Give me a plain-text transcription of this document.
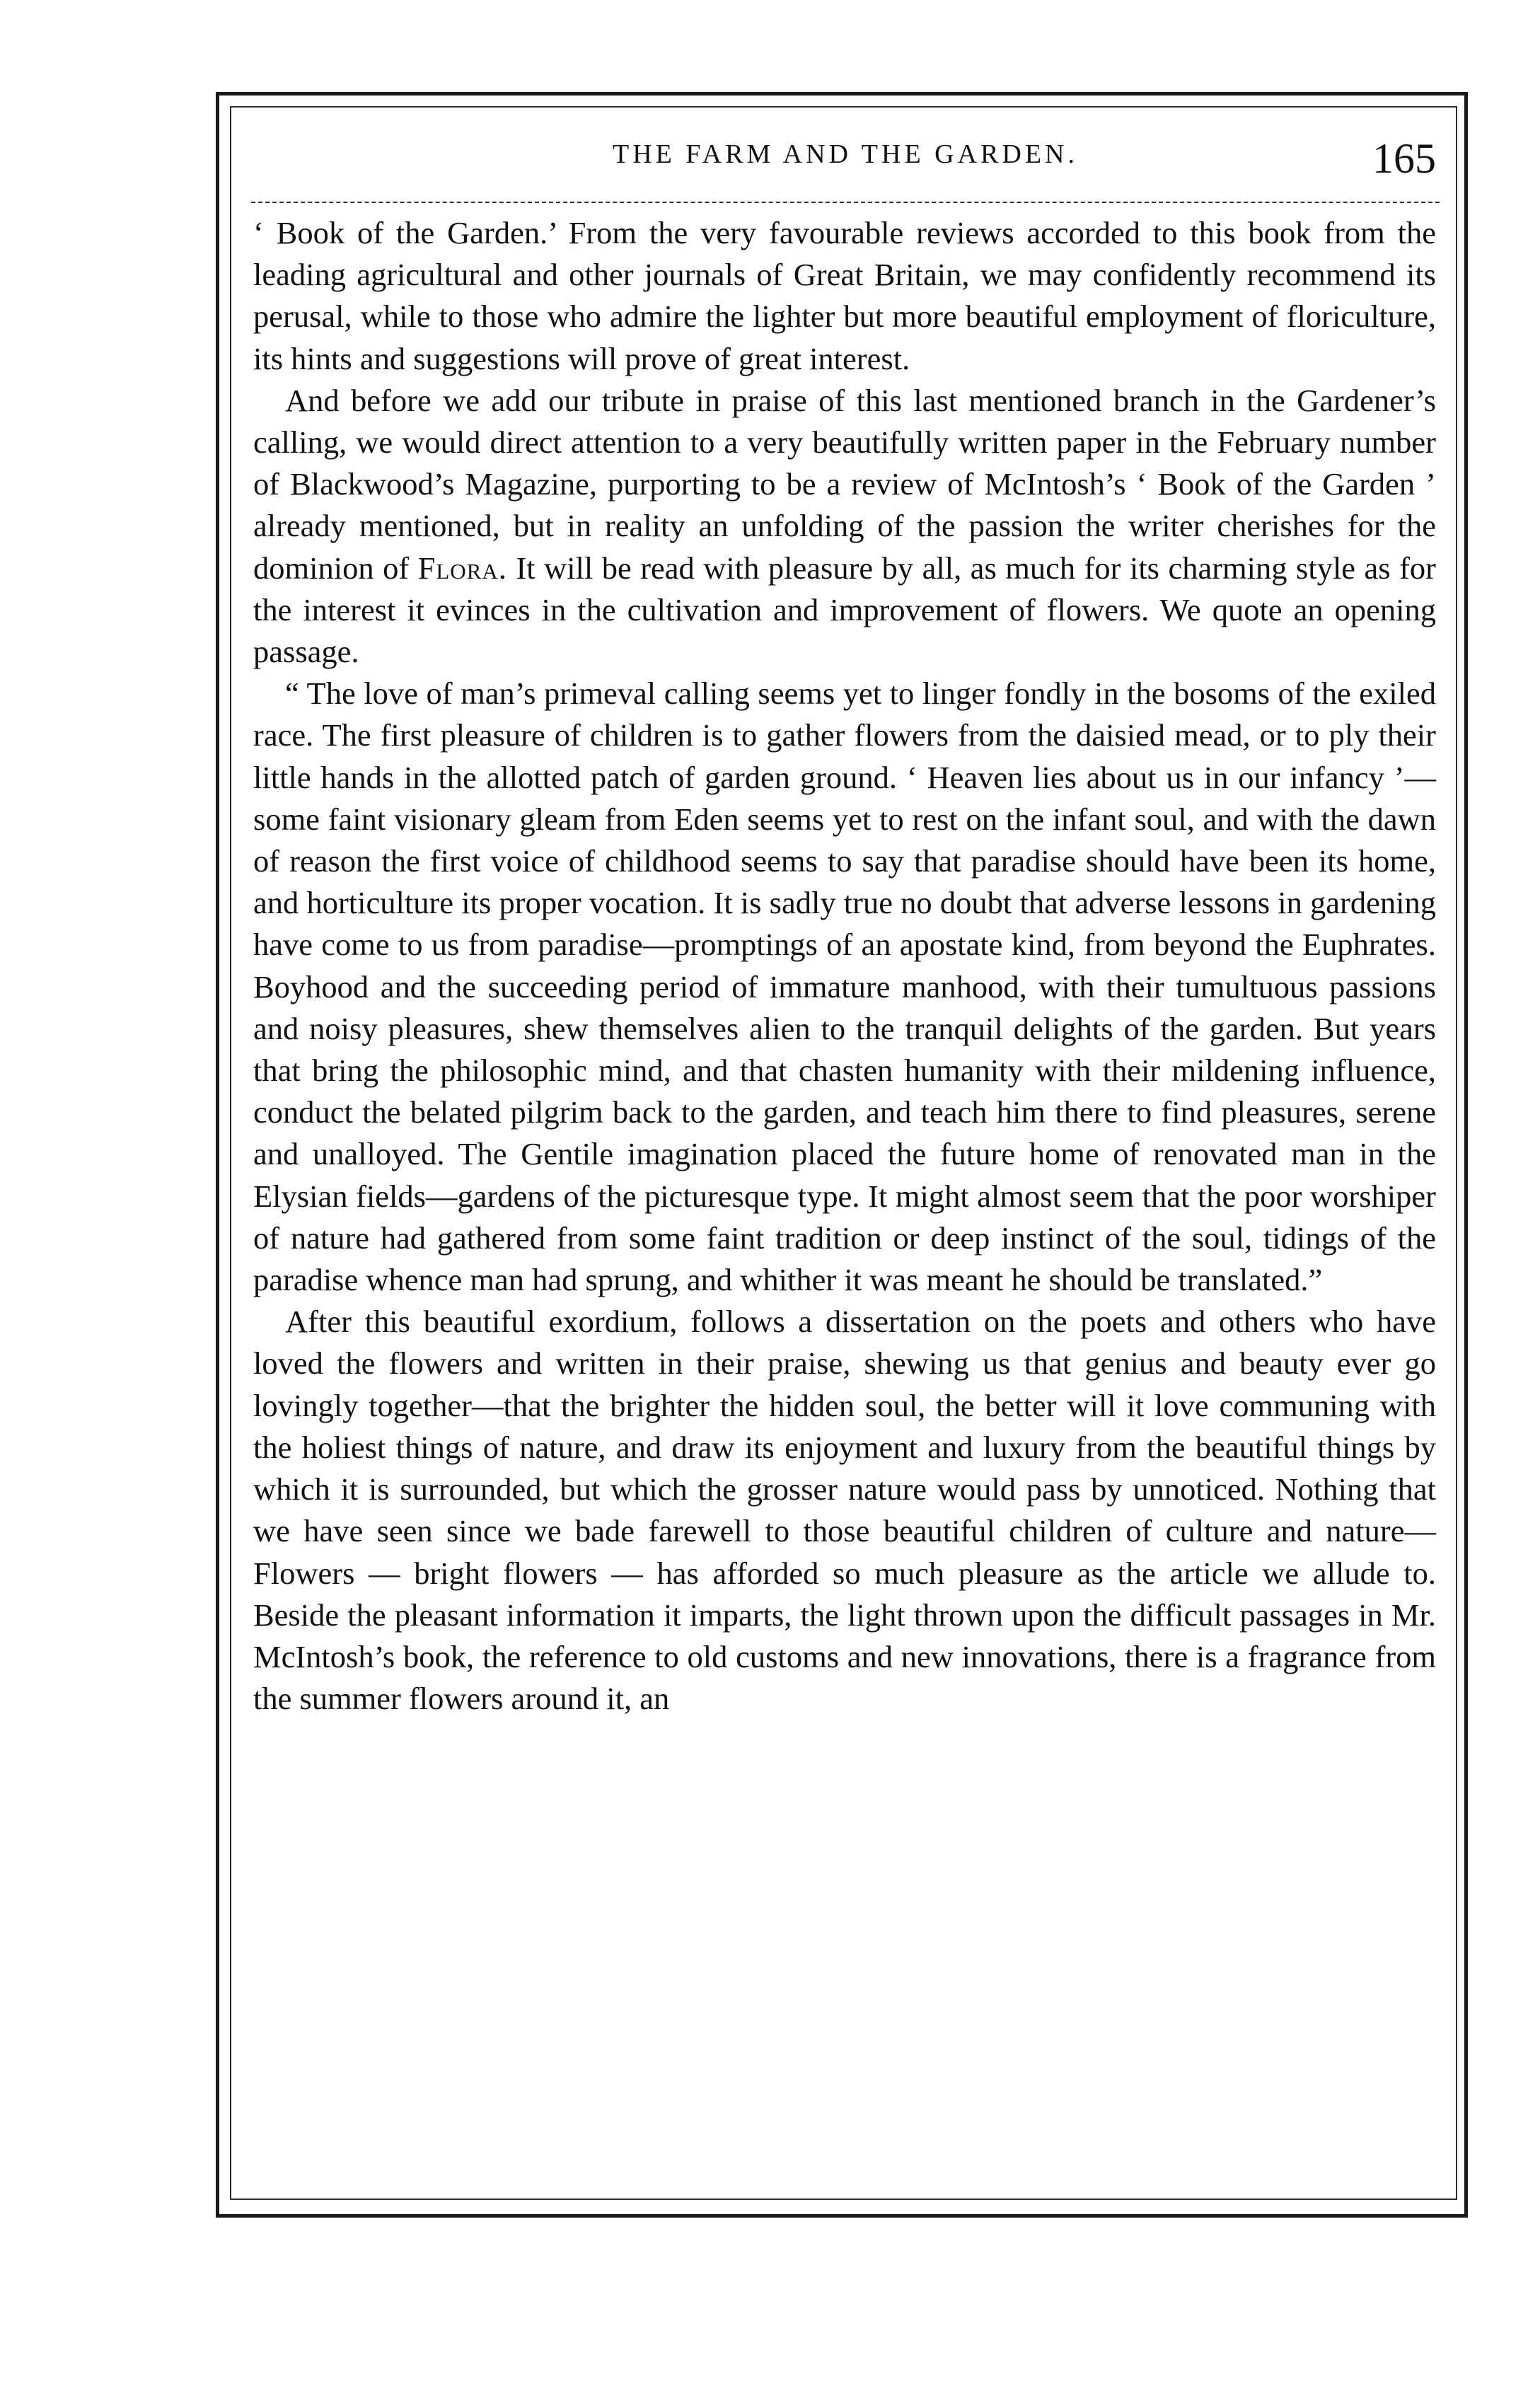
THE FARM AND THE GARDEN.	165

‘ Book of the Garden.’ From the very favourable reviews accorded to this book from the leading agricultural and other journals of Great Britain, we may confidently recommend its perusal, while to those who admire the lighter but more beautiful employment of floriculture, its hints and suggestions will prove of great interest.

And before we add our tribute in praise of this last mentioned branch in the Gardener’s calling, we would direct attention to a very beautifully written paper in the February number of Blackwood’s Magazine, purporting to be a review of McIntosh’s ‘ Book of the Garden ’ already mentioned, but in reality an unfolding of the passion the writer cherishes for the dominion of Flora. It will be read with pleasure by all, as much for its charming style as for the interest it evinces in the cultivation and improvement of flowers. We quote an opening passage.

“ The love of man’s primeval calling seems yet to linger fondly in the bosoms of the exiled race. The first pleasure of children is to gather flowers from the daisied mead, or to ply their little hands in the allotted patch of garden ground. ‘ Heaven lies about us in our infancy ’—some faint visionary gleam from Eden seems yet to rest on the infant soul, and with the dawn of reason the first voice of childhood seems to say that paradise should have been its home, and horticulture its proper vocation. It is sadly true no doubt that adverse lessons in gardening have come to us from paradise—promptings of an apostate kind, from beyond the Euphrates. Boyhood and the succeeding period of immature manhood, with their tumultuous passions and noisy pleasures, shew themselves alien to the tranquil delights of the garden. But years that bring the philosophic mind, and that chasten humanity with their mildening influence, conduct the belated pilgrim back to the garden, and teach him there to find pleasures, serene and unalloyed. The Gentile imagination placed the future home of renovated man in the Elysian fields—gardens of the picturesque type. It might almost seem that the poor worshiper of nature had gathered from some faint tradition or deep instinct of the soul, tidings of the paradise whence man had sprung, and whither it was meant he should be translated.”

After this beautiful exordium, follows a dissertation on the poets and others who have loved the flowers and written in their praise, shewing us that genius and beauty ever go lovingly together—that the brighter the hidden soul, the better will it love communing with the holiest things of nature, and draw its enjoyment and luxury from the beautiful things by which it is surrounded, but which the grosser nature would pass by unnoticed. Nothing that we have seen since we bade farewell to those beautiful children of culture and nature—Flowers — bright flowers — has afforded so much pleasure as the article we allude to. Beside the pleasant information it imparts, the light thrown upon the difficult passages in Mr. McIntosh’s book, the reference to old customs and new innovations, there is a fragrance from the summer flowers around it, an
